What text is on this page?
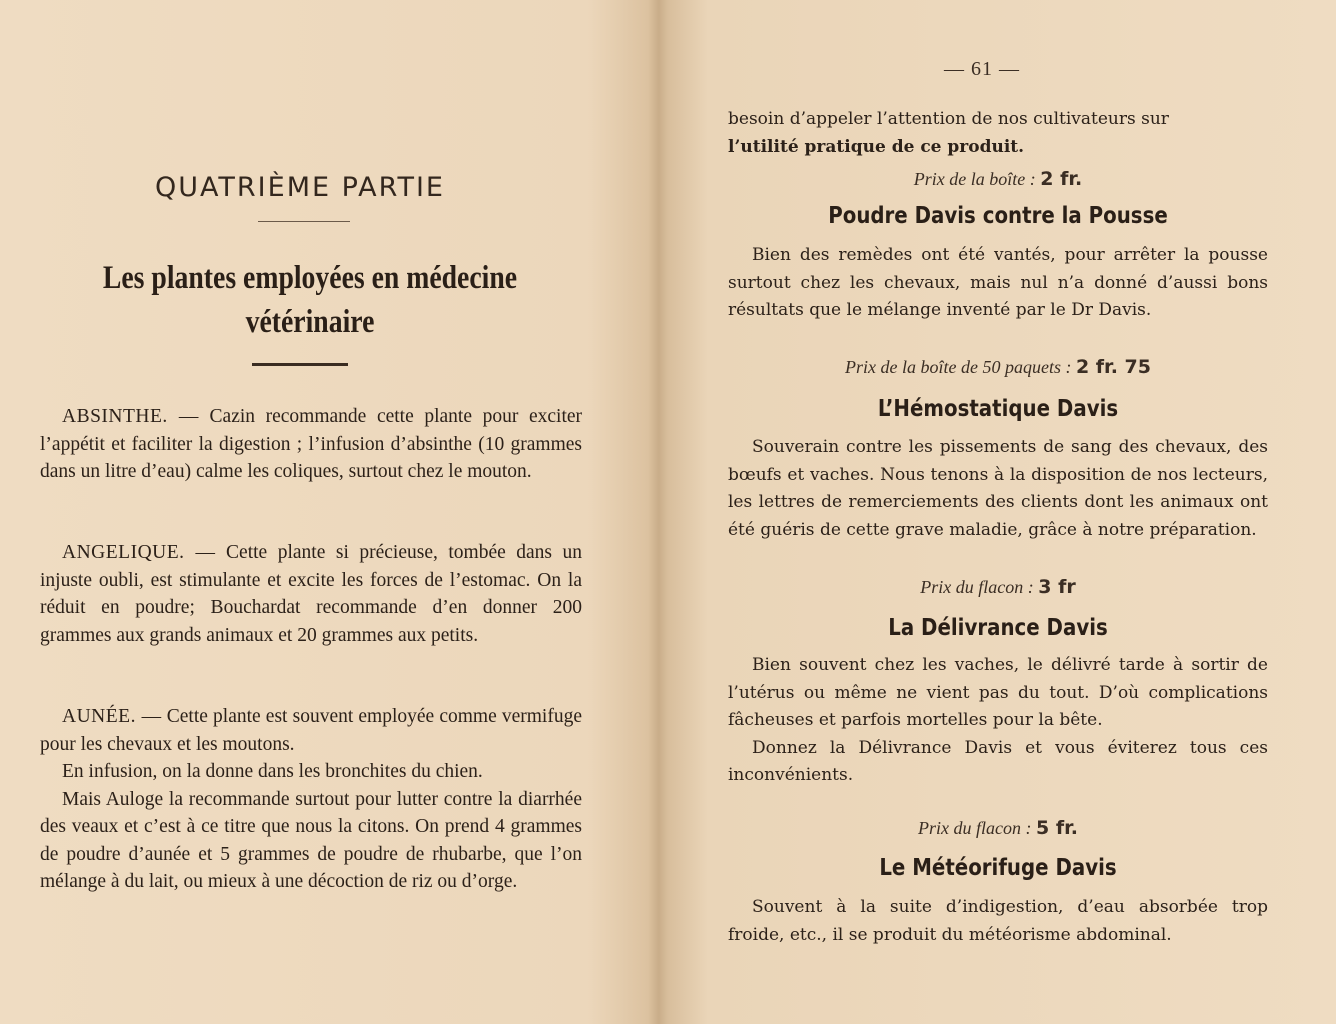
QUATRIÈME PARTIE
Les plantes employées en médecine
vétérinaire
ABSINTHE. — Cazin recommande cette plante pour exciter l’appétit et faciliter la digestion ; l’infusion d’absinthe (10 grammes dans un litre d’eau) calme les coliques, surtout chez le mouton.
ANGELIQUE. — Cette plante si précieuse, tombée dans un injuste oubli, est stimulante et excite les forces de l’estomac. On la réduit en poudre; Bouchardat recommande d’en donner 200 grammes aux grands animaux et 20 grammes aux petits.
AUNÉE. — Cette plante est souvent employée comme vermifuge pour les chevaux et les moutons.
En infusion, on la donne dans les bronchites du chien.
Mais Auloge la recommande surtout pour lutter contre la diarrhée des veaux et c’est à ce titre que nous la citons. On prend 4 grammes de poudre d’aunée et 5 grammes de poudre de rhubarbe, que l’on mélange à du lait, ou mieux à une décoction de riz ou d’orge.
— 61 —
besoin d’appeler l’attention de nos cultivateurs sur
l’utilité pratique de ce produit.
Prix de la boîte : 2 fr.
Poudre Davis contre la Pousse
Bien des remèdes ont été vantés, pour arrêter la pousse surtout chez les chevaux, mais nul n’a donné d’aussi bons résultats que le mélange inventé par le Dr Davis.
Prix de la boîte de 50 paquets : 2 fr. 75
L’Hémostatique Davis
Souverain contre les pissements de sang des chevaux, des bœufs et vaches. Nous tenons à la disposition de nos lecteurs, les lettres de remerciements des clients dont les animaux ont été guéris de cette grave maladie, grâce à notre préparation.
Prix du flacon : 3 fr
La Délivrance Davis
Bien souvent chez les vaches, le délivré tarde à sortir de l’utérus ou même ne vient pas du tout. D’où complications fâcheuses et parfois mortelles pour la bête.
Donnez la Délivrance Davis et vous éviterez tous ces inconvénients.
Prix du flacon : 5 fr.
Le Météorifuge Davis
Souvent à la suite d’indigestion, d’eau absorbée trop froide, etc., il se produit du météorisme abdominal.
